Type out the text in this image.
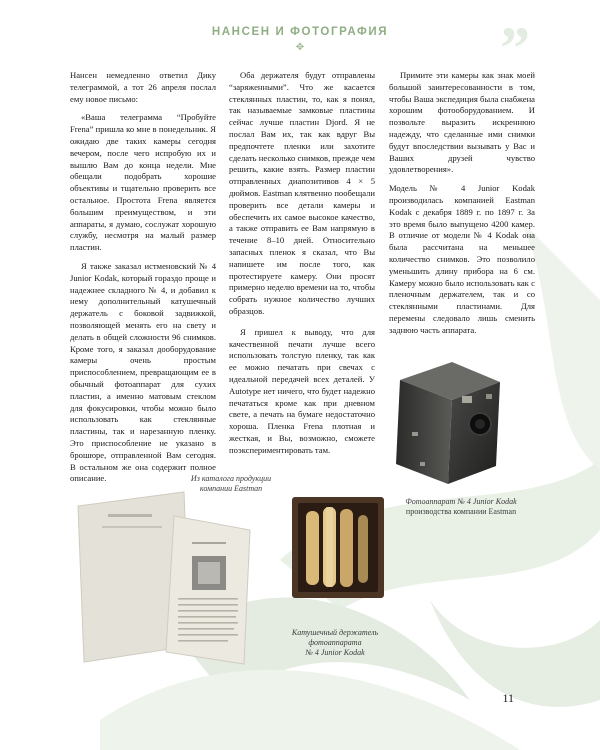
”
НАНСЕН И ФОТОГРАФИЯ
✥

Нансен немедленно ответил Дику телеграммой, а тот 26 апреля послал ему новое письмо:

«Ваша телеграмма “Пробуйте Frena” пришла ко мне в понедельник. Я ожидаю две таких камеры сегодня вечером, после чего испробую их и вышлю Вам до конца недели. Мне обещали подобрать хорошие объективы и тщательно проверить все остальное. Простота Frena является большим преимуществом, и эти аппараты, я думаю, сослужат хорошую службу, несмотря на малый размер пластин.

Я также заказал истменовский № 4 Junior Kodak, который гораздо проще и надежнее складного № 4, и добавил к нему дополнительный катушечный держатель с боковой задвижкой, позволяющей менять его на свету и делать в общей сложности 96 снимков. Кроме того, я заказал дооборудование камеры очень простым приспособлением, превращающим ее в обычный фотоаппарат для сухих пластин, а именно матовым стеклом для фокусировки, чтобы можно было использовать как стеклянные пластины, так и нарезанную пленку. Это приспособление не указано в брошюре, отправленной Вам сегодня. В остальном же она содержит полное описание.

Оба держателя будут отправлены “заряженными”. Что же касается стеклянных пластин, то, как я понял, так называемые замковые пластины сейчас лучше пластин Djord. Я не послал Вам их, так как вдруг Вы предпочтете пленки или захотите сделать несколько снимков, прежде чем решить, какие взять. Размер пластин отправленных диапозитивов 4 × 5 дюймов. Eastman клятвенно пообещали проверить все детали камеры и обеспечить их самое высокое качество, а также отправить ее Вам напрямую в течение 8–10 дней. Относительно запасных пленок я сказал, что Вы напишете им после того, как протестируете камеру. Они просят примерно неделю времени на то, чтобы собрать нужное количество лучших образцов.

Я пришел к выводу, что для качественной печати лучше всего использовать толстую пленку, так как ее можно печатать при свечах с идеальной передачей всех деталей. У Autotype нет ничего, что будет надежно печататься кроме как при дневном свете, а печать на бумаге недостаточно хороша. Пленка Frena плотная и жесткая, и Вы, возможно, сможете поэкспериментировать там.

Примите эти камеры как знак моей большой заинтересованности в том, чтобы Ваша экспедиция была снабжена хорошим фотооборудованием. И позвольте выразить искреннюю надежду, что сделанные ими снимки будут впоследствии вызывать у Вас и Ваших друзей чувство удовлетворения».

Модель № 4 Junior Kodak производилась компанией Eastman Kodak с декабря 1889 г. по 1897 г. За это время было выпущено 4200 камер. В отличие от модели № 4 Kodak она была рассчитана на меньшее количество снимков. Это позволило уменьшить длину прибора на 6 см. Камеру можно было использовать как с пленочным держателем, так и со стеклянными пластинами. Для перемены следовало лишь сменить заднюю часть аппарата.

Из каталога продукции
компании Eastman
Катушечный держатель фотоаппарата
№ 4 Junior Kodak
Фотоаппарат № 4 Junior Kodak
производства компании Eastman
11
